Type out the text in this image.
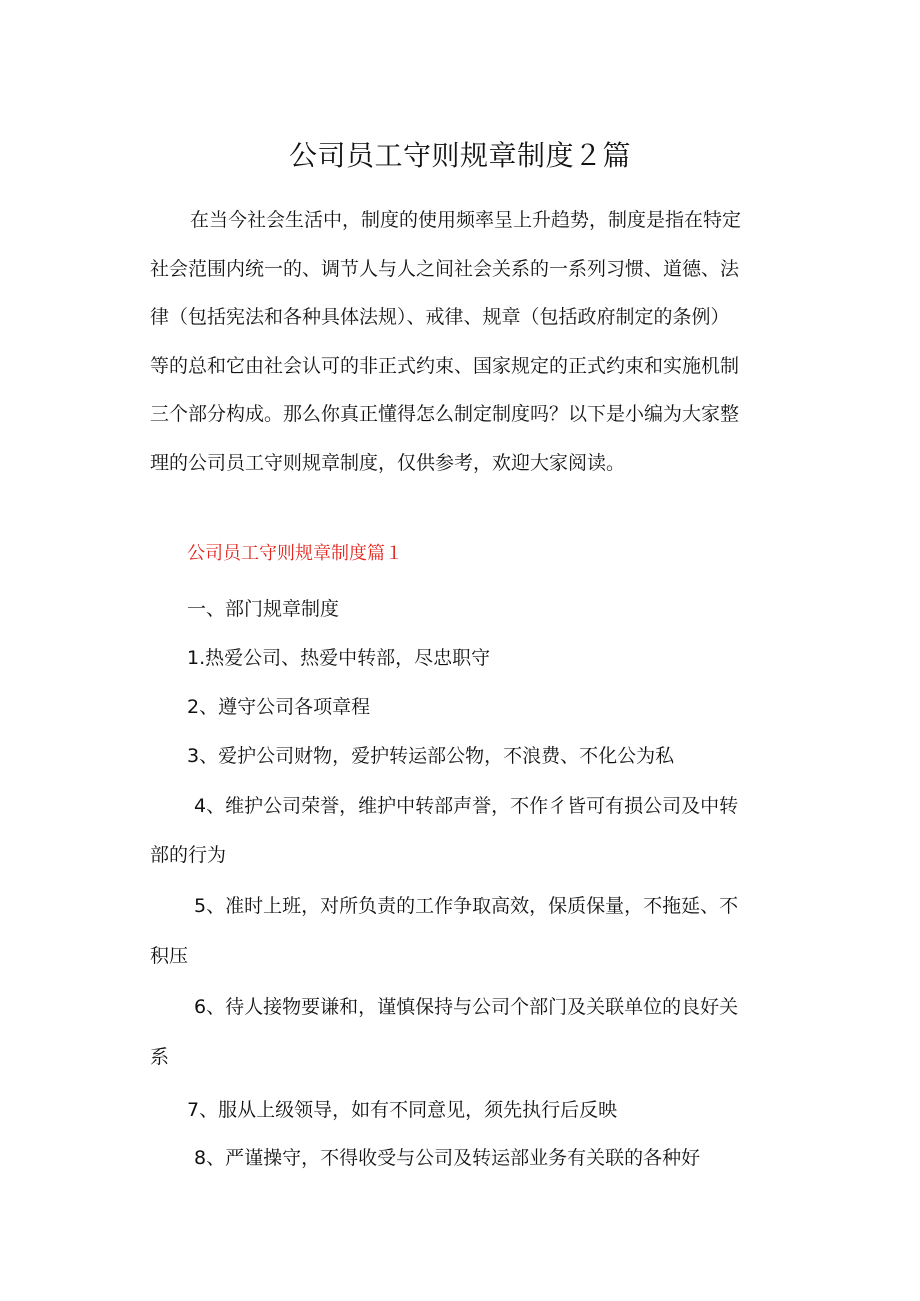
公司员工守则规章制度２篇
在当今社会生活中，制度的使用频率呈上升趋势，制度是指在特定
社会范围内统一的、调节人与人之间社会关系的一系列习惯、道德、法
律（包括宪法和各种具体法规）、戒律、规章（包括政府制定的条例）
等的总和它由社会认可的非正式约束、国家规定的正式约束和实施机制
三个部分构成。那么你真正懂得怎么制定制度吗？以下是小编为大家整
理的公司员工守则规章制度，仅供参考，欢迎大家阅读。
公司员工守则规章制度篇１
一、部门规章制度
1.热爱公司、热爱中转部，尽忠职守
2、遵守公司各项章程
3、爱护公司财物，爱护转运部公物，不浪费、不化公为私
4、维护公司荣誉，维护中转部声誉，不作彳皆可有损公司及中转
部的行为
5、准时上班，对所负责的工作争取高效，保质保量，不拖延、不
积压
6、待人接物要谦和，谨慎保持与公司个部门及关联单位的良好关
系
7、服从上级领导，如有不同意见，须先执行后反映
8、严谨操守，不得收受与公司及转运部业务有关联的各种好
